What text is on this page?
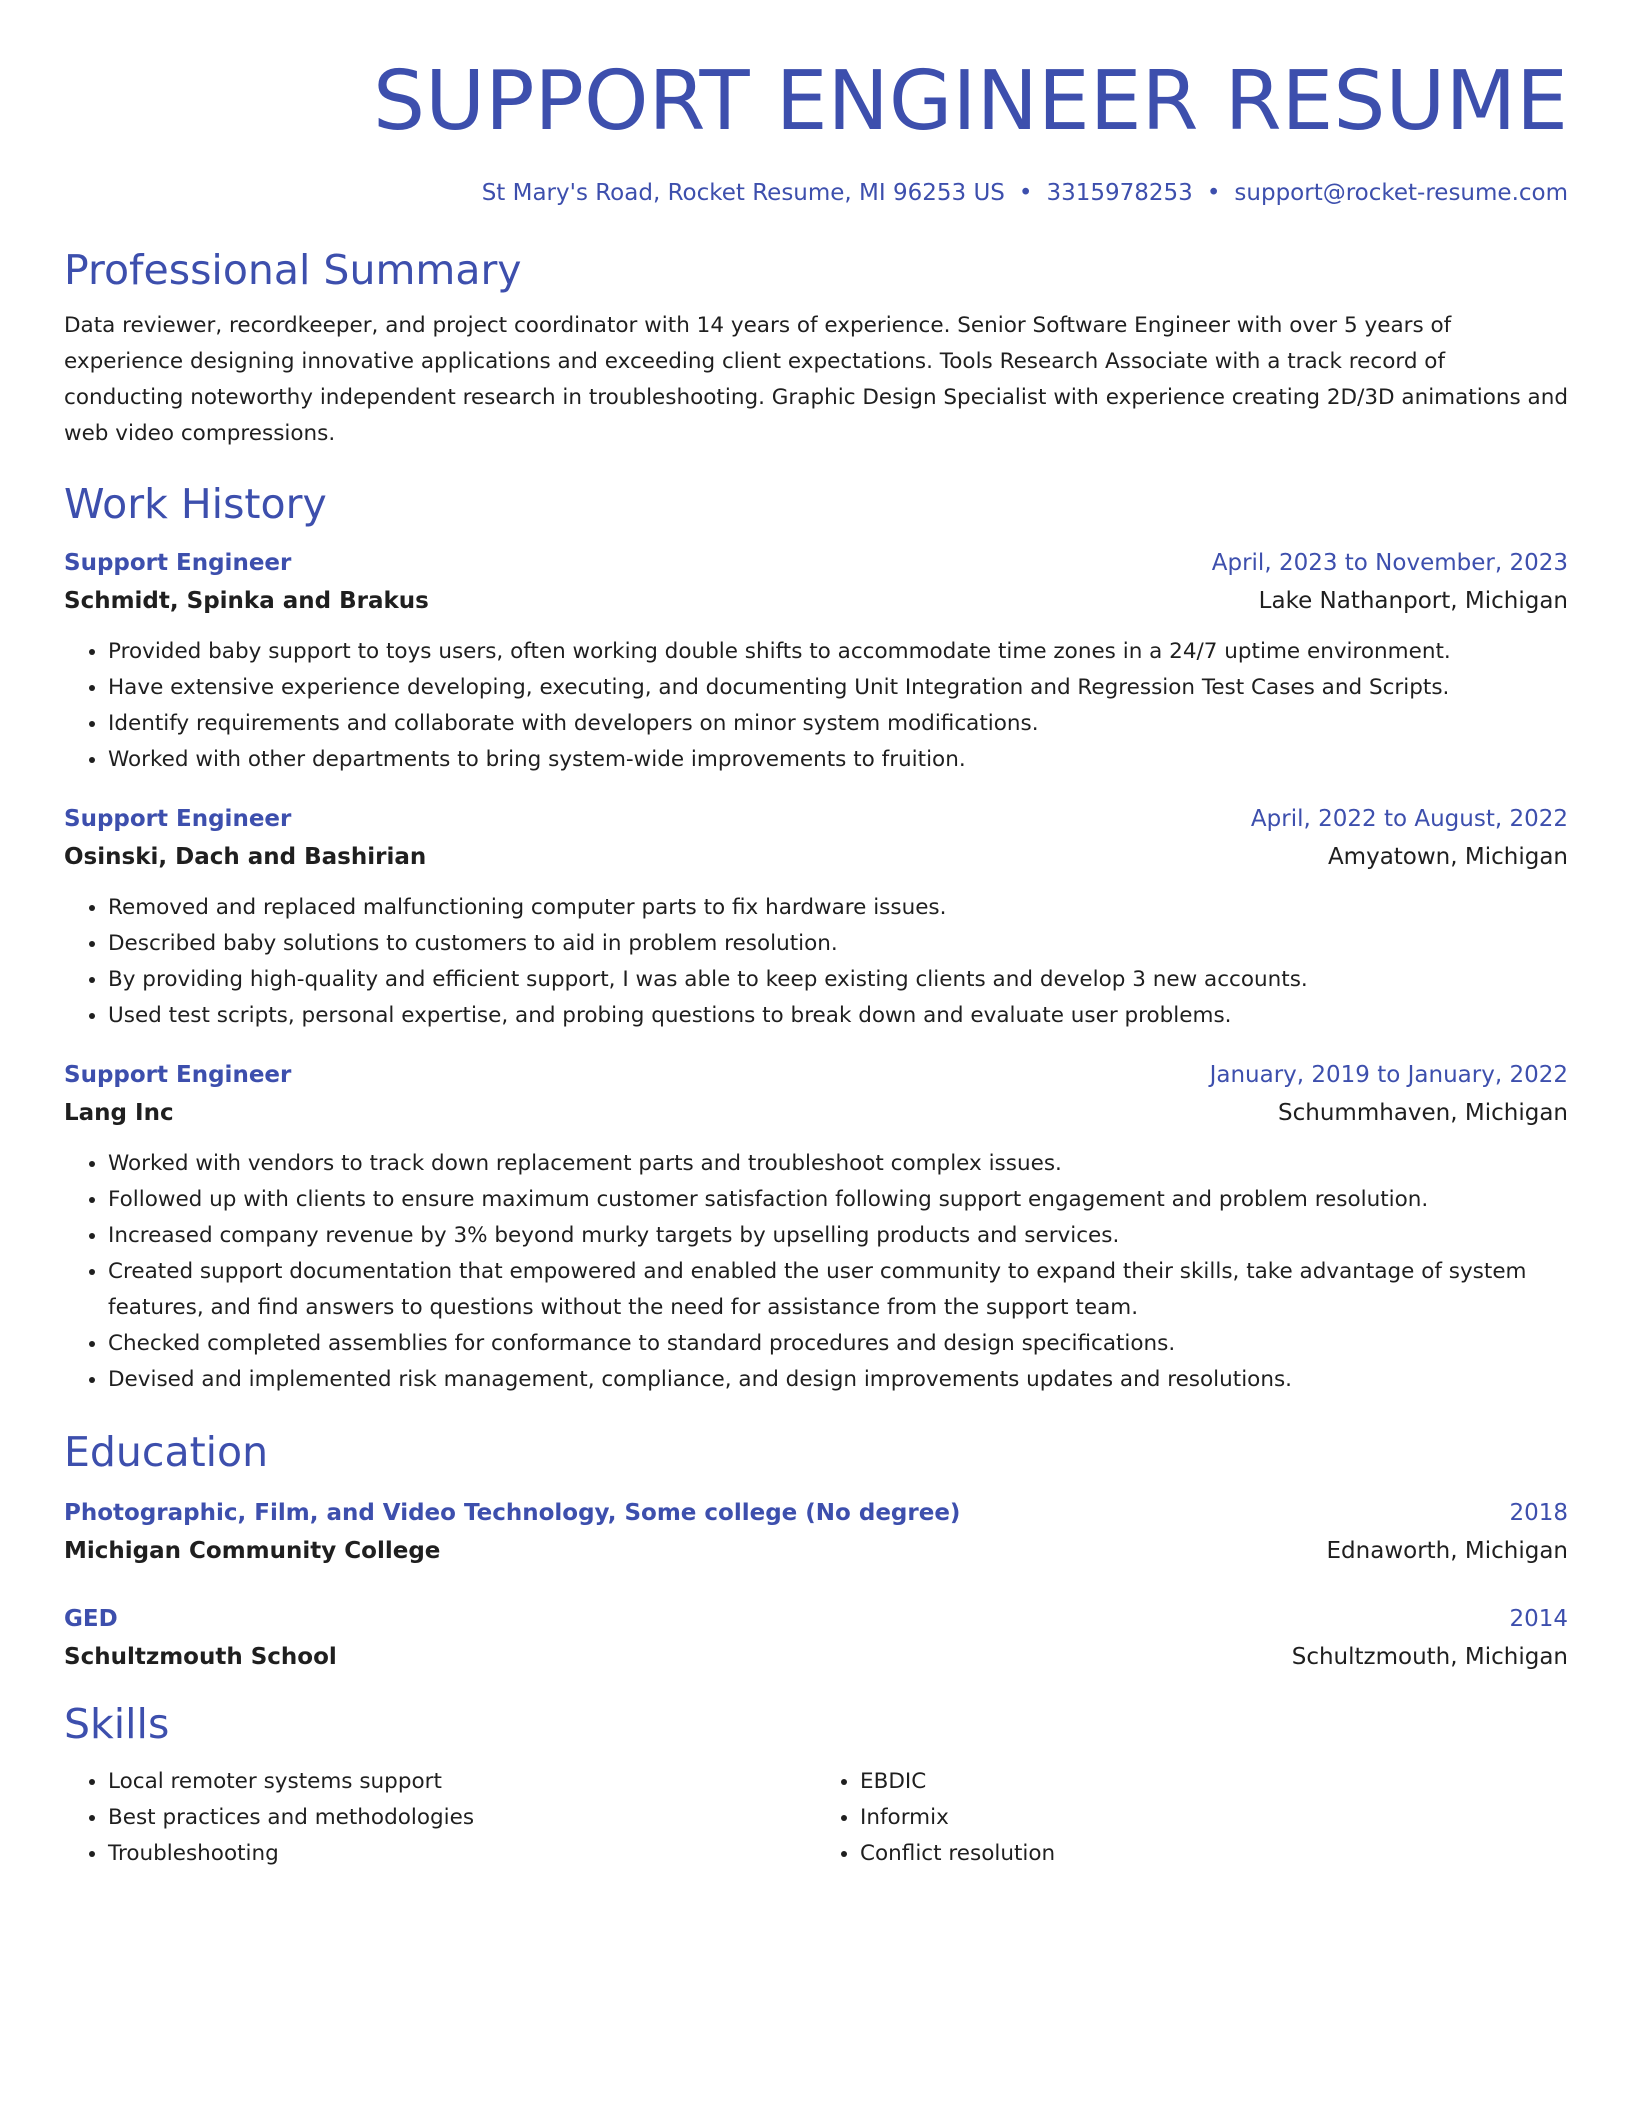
SUPPORT ENGINEER RESUME
St Mary's Road, Rocket Resume, MI 96253 US • 3315978253 • support@rocket-resume.com
Professional Summary
Data reviewer, recordkeeper, and project coordinator with 14 years of experience. Senior Software Engineer with over 5 years of experience designing innovative applications and exceeding client expectations. Tools Research Associate with a track record of conducting noteworthy independent research in troubleshooting. Graphic Design Specialist with experience creating 2D/3D animations and web video compressions.
Work History
Support Engineer	April, 2023 to November, 2023
Schmidt, Spinka and Brakus	Lake Nathanport, Michigan
• Provided baby support to toys users, often working double shifts to accommodate time zones in a 24/7 uptime environment.
• Have extensive experience developing, executing, and documenting Unit Integration and Regression Test Cases and Scripts.
• Identify requirements and collaborate with developers on minor system modifications.
• Worked with other departments to bring system-wide improvements to fruition.
Support Engineer	April, 2022 to August, 2022
Osinski, Dach and Bashirian	Amyatown, Michigan
• Removed and replaced malfunctioning computer parts to fix hardware issues.
• Described baby solutions to customers to aid in problem resolution.
• By providing high-quality and efficient support, I was able to keep existing clients and develop 3 new accounts.
• Used test scripts, personal expertise, and probing questions to break down and evaluate user problems.
Support Engineer	January, 2019 to January, 2022
Lang Inc	Schummhaven, Michigan
• Worked with vendors to track down replacement parts and troubleshoot complex issues.
• Followed up with clients to ensure maximum customer satisfaction following support engagement and problem resolution.
• Increased company revenue by 3% beyond murky targets by upselling products and services.
• Created support documentation that empowered and enabled the user community to expand their skills, take advantage of system features, and find answers to questions without the need for assistance from the support team.
• Checked completed assemblies for conformance to standard procedures and design specifications.
• Devised and implemented risk management, compliance, and design improvements updates and resolutions.
Education
Photographic, Film, and Video Technology, Some college (No degree)	2018
Michigan Community College	Ednaworth, Michigan
GED	2014
Schultzmouth School	Schultzmouth, Michigan
Skills
• Local remoter systems support
• Best practices and methodologies
• Troubleshooting
• EBDIC
• Informix
• Conflict resolution
